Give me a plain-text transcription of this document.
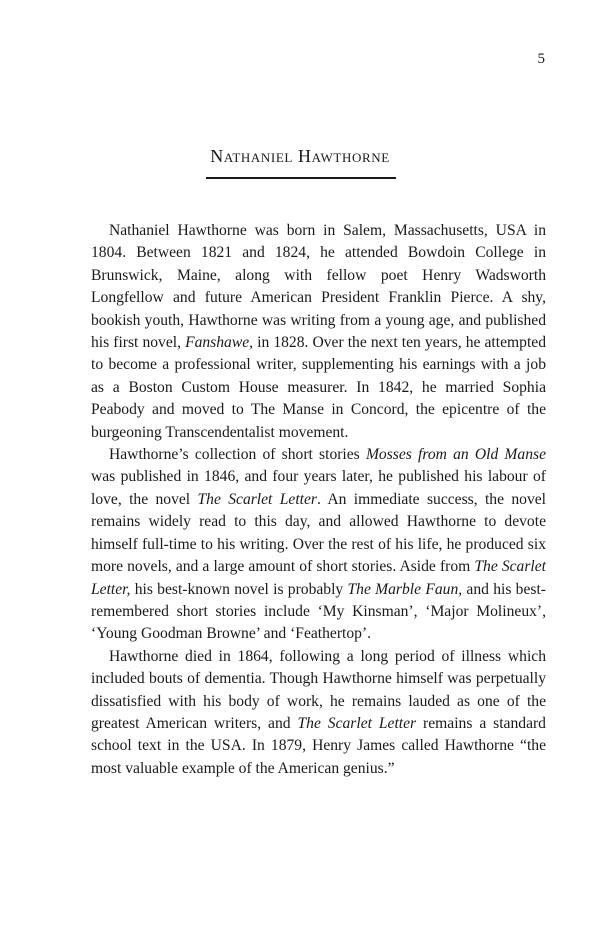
5
Nathaniel Hawthorne

Nathaniel Hawthorne was born in Salem, Massachusetts, USA in 1804. Between 1821 and 1824, he attended Bowdoin College in Brunswick, Maine, along with fellow poet Henry Wadsworth Longfellow and future American President Franklin Pierce. A shy, bookish youth, Hawthorne was writing from a young age, and published his first novel, Fanshawe, in 1828. Over the next ten years, he attempted to become a professional writer, supplementing his earnings with a job as a Boston Custom House measurer. In 1842, he married Sophia Peabody and moved to The Manse in Concord, the epicentre of the burgeoning Transcendentalist movement.

Hawthorne’s collection of short stories Mosses from an Old Manse was published in 1846, and four years later, he published his labour of love, the novel The Scarlet Letter. An immediate success, the novel remains widely read to this day, and allowed Hawthorne to devote himself full-time to his writing. Over the rest of his life, he produced six more novels, and a large amount of short stories. Aside from The Scarlet Letter, his best-known novel is probably The Marble Faun, and his best-remembered short stories include ‘My Kinsman’, ‘Major Molineux’, ‘Young Goodman Browne’ and ‘Feathertop’.

Hawthorne died in 1864, following a long period of illness which included bouts of dementia. Though Hawthorne himself was perpetually dissatisfied with his body of work, he remains lauded as one of the greatest American writers, and The Scarlet Letter remains a standard school text in the USA. In 1879, Henry James called Hawthorne “the most valuable example of the American genius.”
